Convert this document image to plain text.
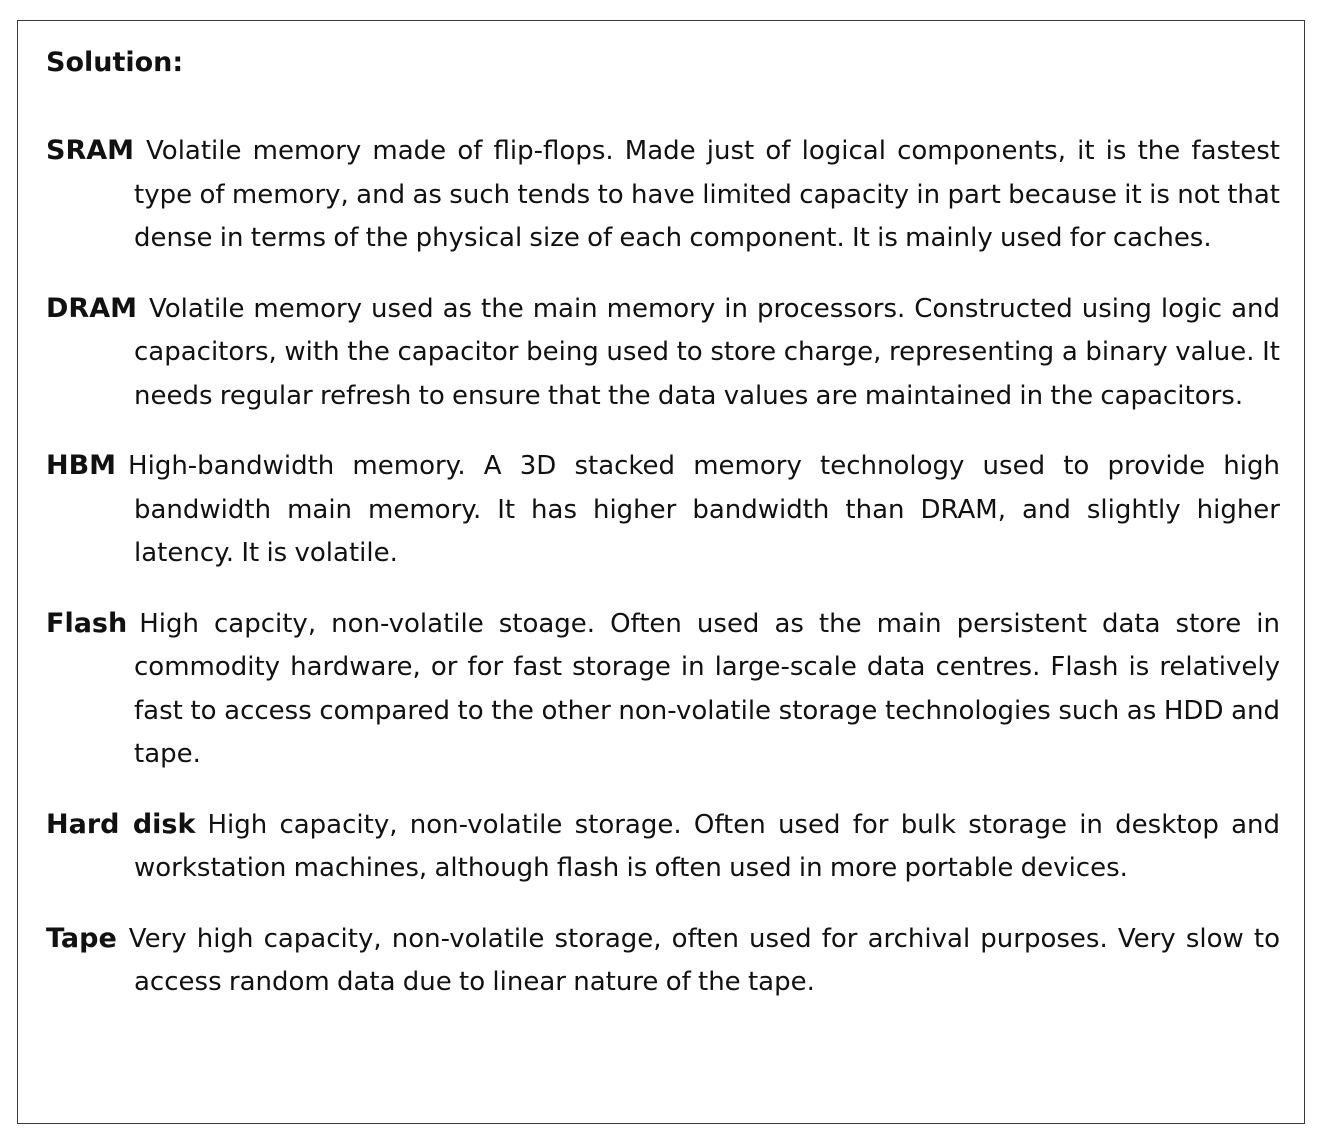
Solution:
SRAM Volatile memory made of flip-flops. Made just of logical components, it is the fastest type of memory, and as such tends to have limited capacity in part because it is not that dense in terms of the physical size of each component. It is mainly used for caches.
DRAM Volatile memory used as the main memory in processors. Constructed using logic and capacitors, with the capacitor being used to store charge, representing a binary value. It needs regular refresh to ensure that the data values are maintained in the capacitors.
HBM High-bandwidth memory. A 3D stacked memory technology used to provide high bandwidth main memory. It has higher bandwidth than DRAM, and slightly higher latency. It is volatile.
Flash High capcity, non-volatile stoage. Often used as the main persistent data store in commodity hardware, or for fast storage in large-scale data centres. Flash is relatively fast to access compared to the other non-volatile storage technologies such as HDD and tape.
Hard disk High capacity, non-volatile storage. Often used for bulk storage in desktop and workstation machines, although flash is often used in more portable devices.
Tape Very high capacity, non-volatile storage, often used for archival purposes. Very slow to access random data due to linear nature of the tape.
